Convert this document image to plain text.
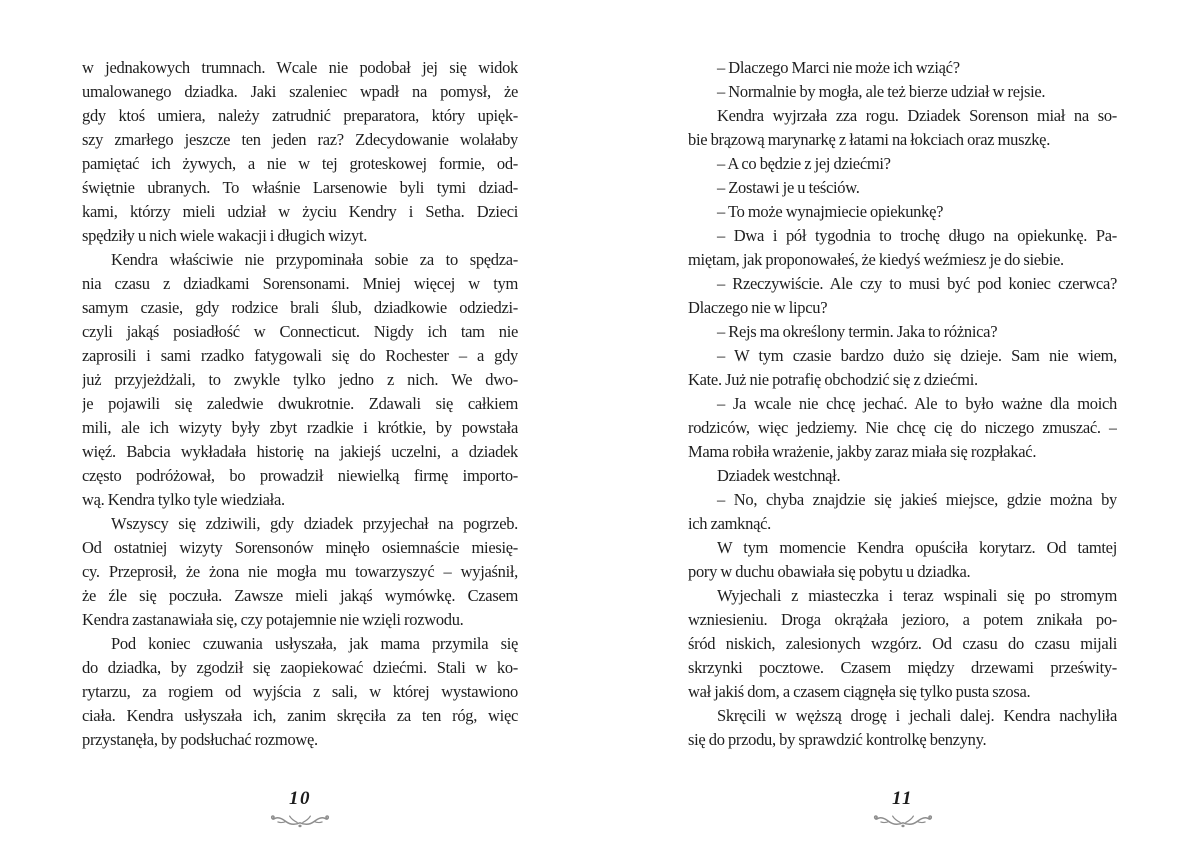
w jednakowych trumnach. Wcale nie podobał jej się widok
umalowanego dziadka. Jaki szaleniec wpadł na pomysł, że
gdy ktoś umiera, należy zatrudnić preparatora, który upięk-
szy zmarłego jeszcze ten jeden raz? Zdecydowanie wolałaby
pamiętać ich żywych, a nie w tej groteskowej formie, od-
świętnie ubranych. To właśnie Larsenowie byli tymi dziad-
kami, którzy mieli udział w życiu Kendry i Setha. Dzieci
spędziły u nich wiele wakacji i długich wizyt.
Kendra właściwie nie przypominała sobie za to spędza-
nia czasu z dziadkami Sorensonami. Mniej więcej w tym
samym czasie, gdy rodzice brali ślub, dziadkowie odziedzi-
czyli jakąś posiadłość w Connecticut. Nigdy ich tam nie
zaprosili i sami rzadko fatygowali się do Rochester – a gdy
już przyjeżdżali, to zwykle tylko jedno z nich. We dwo-
je pojawili się zaledwie dwukrotnie. Zdawali się całkiem
mili, ale ich wizyty były zbyt rzadkie i krótkie, by powstała
więź. Babcia wykładała historię na jakiejś uczelni, a dziadek
często podróżował, bo prowadził niewielką firmę importo-
wą. Kendra tylko tyle wiedziała.
Wszyscy się zdziwili, gdy dziadek przyjechał na pogrzeb.
Od ostatniej wizyty Sorensonów minęło osiemnaście miesię-
cy. Przeprosił, że żona nie mogła mu towarzyszyć – wyjaśnił,
że źle się poczuła. Zawsze mieli jakąś wymówkę. Czasem
Kendra zastanawiała się, czy potajemnie nie wzięli rozwodu.
Pod koniec czuwania usłyszała, jak mama przymila się
do dziadka, by zgodził się zaopiekować dziećmi. Stali w ko-
rytarzu, za rogiem od wyjścia z sali, w której wystawiono
ciała. Kendra usłyszała ich, zanim skręciła za ten róg, więc
przystanęła, by podsłuchać rozmowę.
– Dlaczego Marci nie może ich wziąć?
– Normalnie by mogła, ale też bierze udział w rejsie.
Kendra wyjrzała zza rogu. Dziadek Sorenson miał na so-
bie brązową marynarkę z łatami na łokciach oraz muszkę.
– A co będzie z jej dziećmi?
– Zostawi je u teściów.
– To może wynajmiecie opiekunkę?
– Dwa i pół tygodnia to trochę długo na opiekunkę. Pa-
miętam, jak proponowałeś, że kiedyś weźmiesz je do siebie.
– Rzeczywiście. Ale czy to musi być pod koniec czerwca?
Dlaczego nie w lipcu?
– Rejs ma określony termin. Jaka to różnica?
– W tym czasie bardzo dużo się dzieje. Sam nie wiem,
Kate. Już nie potrafię obchodzić się z dziećmi.
– Ja wcale nie chcę jechać. Ale to było ważne dla moich
rodziców, więc jedziemy. Nie chcę cię do niczego zmuszać. –
Mama robiła wrażenie, jakby zaraz miała się rozpłakać.
Dziadek westchnął.
– No, chyba znajdzie się jakieś miejsce, gdzie można by
ich zamknąć.
W tym momencie Kendra opuściła korytarz. Od tamtej
pory w duchu obawiała się pobytu u dziadka.
Wyjechali z miasteczka i teraz wspinali się po stromym
wzniesieniu. Droga okrążała jezioro, a potem znikała po-
śród niskich, zalesionych wzgórz. Od czasu do czasu mijali
skrzynki pocztowe. Czasem między drzewami prześwity-
wał jakiś dom, a czasem ciągnęła się tylko pusta szosa.
Skręcili w węższą drogę i jechali dalej. Kendra nachyliła
się do przodu, by sprawdzić kontrolkę benzyny.
10	11
